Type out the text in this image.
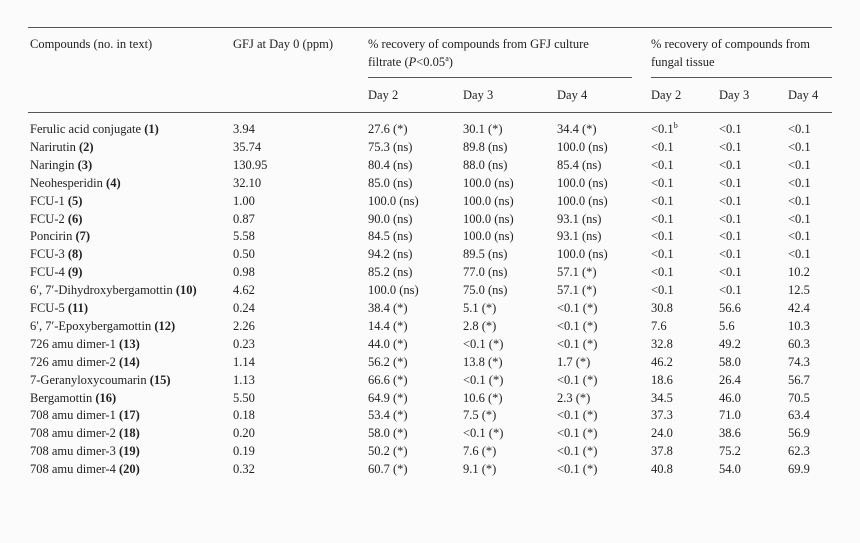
Compounds (no. in text)	GFJ at Day 0 (ppm)	% recovery of compounds from GFJ culture
filtrate (P<0.05$^a$)
% recovery of compounds from
fungal tissue
Day 2	Day 3	Day 4	Day 2	Day 3	Day 4
Ferulic acid conjugate (1)	3.94	27.6 (*)	30.1 (*)	34.4 (*)	<0.1$^b$	<0.1	<0.1
Narirutin (2)	35.74	75.3 (ns)	89.8 (ns)	100.0 (ns)	<0.1	<0.1	<0.1
Naringin (3)	130.95	80.4 (ns)	88.0 (ns)	85.4 (ns)	<0.1	<0.1	<0.1
Neohesperidin (4)	32.10	85.0 (ns)	100.0 (ns)	100.0 (ns)	<0.1	<0.1	<0.1
FCU-1 (5)	1.00	100.0 (ns)	100.0 (ns)	100.0 (ns)	<0.1	<0.1	<0.1
FCU-2 (6)	0.87	90.0 (ns)	100.0 (ns)	93.1 (ns)	<0.1	<0.1	<0.1
Poncirin (7)	5.58	84.5 (ns)	100.0 (ns)	93.1 (ns)	<0.1	<0.1	<0.1
FCU-3 (8)	0.50	94.2 (ns)	89.5 (ns)	100.0 (ns)	<0.1	<0.1	<0.1
FCU-4 (9)	0.98	85.2 (ns)	77.0 (ns)	57.1 (*)	<0.1	<0.1	10.2
6′, 7′-Dihydroxybergamottin (10)	4.62	100.0 (ns)	75.0 (ns)	57.1 (*)	<0.1	<0.1	12.5
FCU-5 (11)	0.24	38.4 (*)	5.1 (*)	<0.1 (*)	30.8	56.6	42.4
6′, 7′-Epoxybergamottin (12)	2.26	14.4 (*)	2.8 (*)	<0.1 (*)	7.6	5.6	10.3
726 amu dimer-1 (13)	0.23	44.0 (*)	<0.1 (*)	<0.1 (*)	32.8	49.2	60.3
726 amu dimer-2 (14)	1.14	56.2 (*)	13.8 (*)	1.7 (*)	46.2	58.0	74.3
7-Geranyloxycoumarin (15)	1.13	66.6 (*)	<0.1 (*)	<0.1 (*)	18.6	26.4	56.7
Bergamottin (16)	5.50	64.9 (*)	10.6 (*)	2.3 (*)	34.5	46.0	70.5
708 amu dimer-1 (17)	0.18	53.4 (*)	7.5 (*)	<0.1 (*)	37.3	71.0	63.4
708 amu dimer-2 (18)	0.20	58.0 (*)	<0.1 (*)	<0.1 (*)	24.0	38.6	56.9
708 amu dimer-3 (19)	0.19	50.2 (*)	7.6 (*)	<0.1 (*)	37.8	75.2	62.3
708 amu dimer-4 (20)	0.32	60.7 (*)	9.1 (*)	<0.1 (*)	40.8	54.0	69.9
